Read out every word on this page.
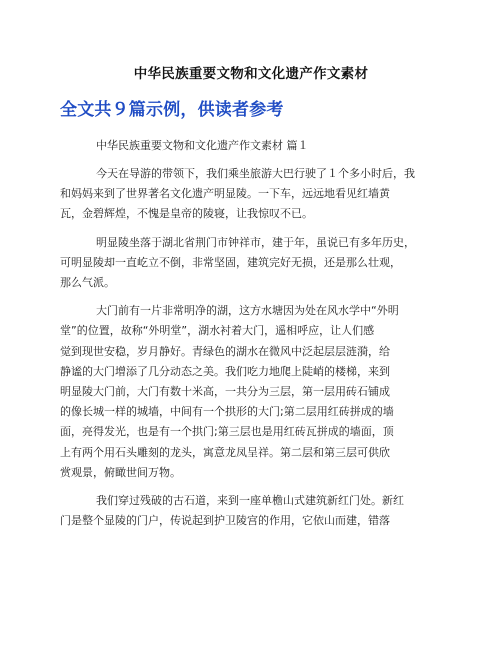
中华民族重要文物和文化遗产作文素材
全文共９篇示例，供读者参考
中华民族重要文物和文化遗产作文素材 篇１
今天在导游的带领下，我们乘坐旅游大巴行驶了１个多小时后，我
和妈妈来到了世界著名文化遗产明显陵。一下车，远远地看见红墙黄
瓦，金碧辉煌，不愧是皇帝的陵寝，让我惊叹不已。
明显陵坐落于湖北省荆门市钟祥市，建于年，虽说已有多年历史，
可明显陵却一直屹立不倒，非常坚固，建筑完好无损，还是那么壮观，
那么气派。
大门前有一片非常明净的湖，这方水塘因为处在风水学中“外明
堂”的位置，故称“外明堂”，湖水衬着大门，遥相呼应，让人们感
觉到现世安稳，岁月静好。青绿色的湖水在微风中泛起层层涟漪，给
静谧的大门增添了几分动态之美。我们吃力地爬上陡峭的楼梯，来到
明显陵大门前，大门有数十米高，一共分为三层，第一层用砖石铺成
的像长城一样的城墙，中间有一个拱形的大门;第二层用红砖拼成的墙
面，亮得发光，也是有一个拱门;第三层也是用红砖瓦拼成的墙面，顶
上有两个用石头雕刻的龙头，寓意龙凤呈祥。第二层和第三层可供欣
赏观景，俯瞰世间万物。
我们穿过残破的古石道，来到一座单檐山式建筑新红门处。新红
门是整个显陵的门户，传说起到护卫陵宫的作用，它依山而建，错落
